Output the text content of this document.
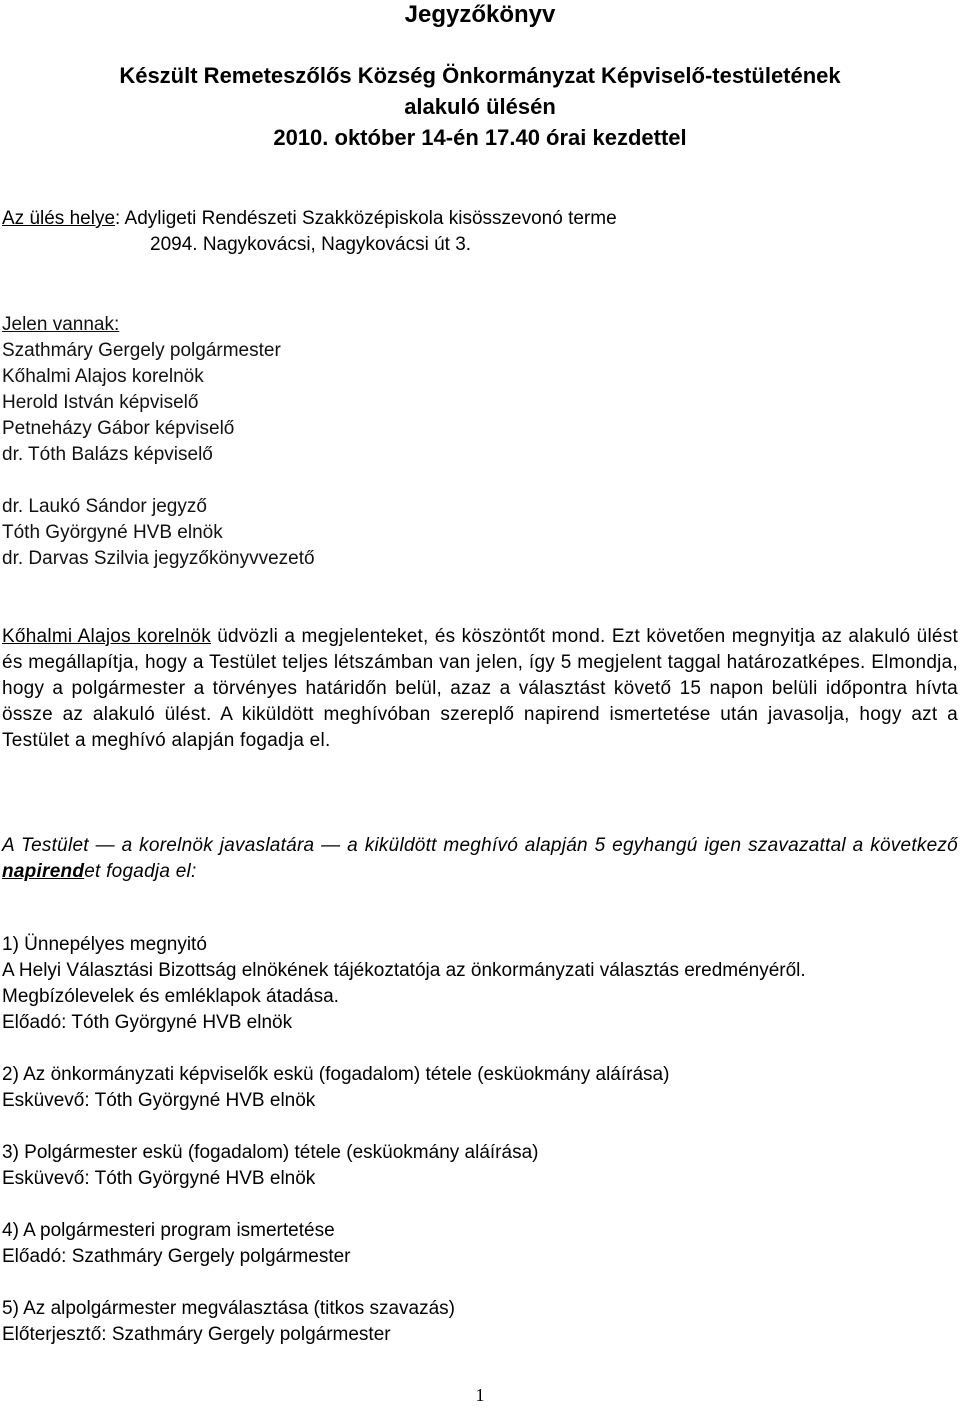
Jegyzőkönyv
Készült Remeteszőlős Község Önkormányzat Képviselő-testületének
alakuló ülésén
2010. október 14-én 17.40 órai kezdettel
Az ülés helye: Adyligeti Rendészeti Szakközépiskola kisösszevonó terme
2094. Nagykovácsi, Nagykovácsi út 3.
Jelen vannak:
Szathmáry Gergely polgármester
Kőhalmi Alajos korelnök
Herold István képviselő
Petneházy Gábor képviselő
dr. Tóth Balázs képviselő
dr. Laukó Sándor jegyző
Tóth Györgyné HVB elnök
dr. Darvas Szilvia jegyzőkönyvvezető

Kőhalmi Alajos korelnök üdvözli a megjelenteket, és köszöntőt mond. Ezt követően megnyitja az alakuló ülést és megállapítja, hogy a Testület teljes létszámban van jelen, így 5 megjelent taggal határozatképes. Elmondja, hogy a polgármester a törvényes határidőn belül, azaz a választást követő 15 napon belüli időpontra hívta össze az alakuló ülést. A kiküldött meghívóban szereplő napirend ismertetése után javasolja, hogy azt a Testület a meghívó alapján fogadja el.

A Testület — a korelnök javaslatára — a kiküldött meghívó alapján 5 egyhangú igen szavazattal a következő napirendet fogadja el:
1) Ünnepélyes megnyitó
A Helyi Választási Bizottság elnökének tájékoztatója az önkormányzati választás eredményéről.
Megbízólevelek és emléklapok átadása.
Előadó: Tóth Györgyné HVB elnök
2) Az önkormányzati képviselők eskü (fogadalom) tétele (esküokmány aláírása)
Esküvevő: Tóth Györgyné HVB elnök
3) Polgármester eskü (fogadalom) tétele (esküokmány aláírása)
Esküvevő: Tóth Györgyné HVB elnök
4) A polgármesteri program ismertetése
Előadó: Szathmáry Gergely polgármester
5) Az alpolgármester megválasztása (titkos szavazás)
Előterjesztő: Szathmáry Gergely polgármester
1
